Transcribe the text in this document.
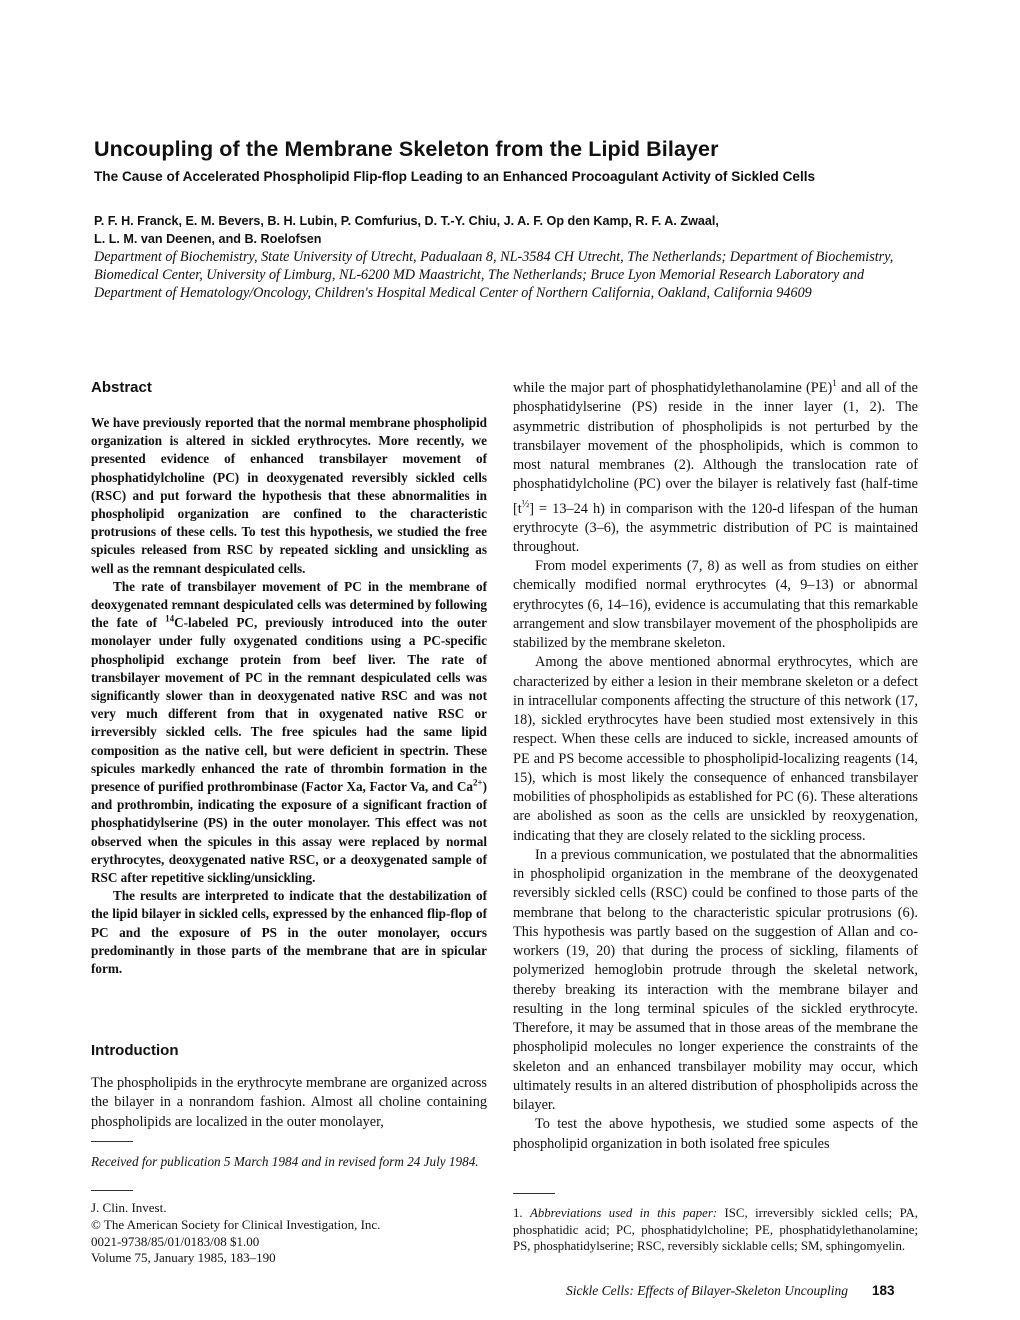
Uncoupling of the Membrane Skeleton from the Lipid Bilayer
The Cause of Accelerated Phospholipid Flip-flop Leading to an Enhanced Procoagulant Activity of Sickled Cells
P. F. H. Franck, E. M. Bevers, B. H. Lubin, P. Comfurius, D. T.-Y. Chiu, J. A. F. Op den Kamp, R. F. A. Zwaal,
L. L. M. van Deenen, and B. Roelofsen
Department of Biochemistry, State University of Utrecht, Padualaan 8, NL-3584 CH Utrecht, The Netherlands; Department of Biochemistry, Biomedical Center, University of Limburg, NL-6200 MD Maastricht, The Netherlands; Bruce Lyon Memorial Research Laboratory and Department of Hematology/Oncology, Children's Hospital Medical Center of Northern California, Oakland, California 94609
Abstract

We have previously reported that the normal membrane phospholipid organization is altered in sickled erythrocytes. More recently, we presented evidence of enhanced transbilayer movement of phosphatidylcholine (PC) in deoxygenated reversibly sickled cells (RSC) and put forward the hypothesis that these abnormalities in phospholipid organization are confined to the characteristic protrusions of these cells. To test this hypothesis, we studied the free spicules released from RSC by repeated sickling and unsickling as well as the remnant despiculated cells.

The rate of transbilayer movement of PC in the membrane of deoxygenated remnant despiculated cells was determined by following the fate of $^{14}$C-labeled PC, previously introduced into the outer monolayer under fully oxygenated conditions using a PC-specific phospholipid exchange protein from beef liver. The rate of transbilayer movement of PC in the remnant despiculated cells was significantly slower than in deoxygenated native RSC and was not very much different from that in oxygenated native RSC or irreversibly sickled cells. The free spicules had the same lipid composition as the native cell, but were deficient in spectrin. These spicules markedly enhanced the rate of thrombin formation in the presence of purified prothrombinase (Factor Xa, Factor Va, and $Ca^{2+}$) and prothrombin, indicating the exposure of a significant fraction of phosphatidylserine (PS) in the outer monolayer. This effect was not observed when the spicules in this assay were replaced by normal erythrocytes, deoxygenated native RSC, or a deoxygenated sample of RSC after repetitive sickling/unsickling.

The results are interpreted to indicate that the destabilization of the lipid bilayer in sickled cells, expressed by the enhanced flip-flop of PC and the exposure of PS in the outer monolayer, occurs predominantly in those parts of the membrane that are in spicular form.

Introduction

The phospholipids in the erythrocyte membrane are organized across the bilayer in a nonrandom fashion. Almost all choline containing phospholipids are localized in the outer monolayer,

Received for publication 5 March 1984 and in revised form 24 July 1984.
J. Clin. Invest.
© The American Society for Clinical Investigation, Inc.
0021-9738/85/01/0183/08 $1.00
Volume 75, January 1985, 183–190

while the major part of phosphatidylethanolamine (PE)$^1$ and all of the phosphatidylserine (PS) reside in the inner layer (1, 2). The asymmetric distribution of phospholipids is not perturbed by the transbilayer movement of the phospholipids, which is common to most natural membranes (2). Although the translocation rate of phosphatidylcholine (PC) over the bilayer is relatively fast (half-time $[t_{\frac{1}{2}}] = 13-24$ h) in comparison with the 120-d lifespan of the human erythrocyte (3–6), the asymmetric distribution of PC is maintained throughout.

From model experiments (7, 8) as well as from studies on either chemically modified normal erythrocytes (4, 9–13) or abnormal erythrocytes (6, 14–16), evidence is accumulating that this remarkable arrangement and slow transbilayer movement of the phospholipids are stabilized by the membrane skeleton.

Among the above mentioned abnormal erythrocytes, which are characterized by either a lesion in their membrane skeleton or a defect in intracellular components affecting the structure of this network (17, 18), sickled erythrocytes have been studied most extensively in this respect. When these cells are induced to sickle, increased amounts of PE and PS become accessible to phospholipid-localizing reagents (14, 15), which is most likely the consequence of enhanced transbilayer mobilities of phospholipids as established for PC (6). These alterations are abolished as soon as the cells are unsickled by reoxygenation, indicating that they are closely related to the sickling process.

In a previous communication, we postulated that the abnormalities in phospholipid organization in the membrane of the deoxygenated reversibly sickled cells (RSC) could be confined to those parts of the membrane that belong to the characteristic spicular protrusions (6). This hypothesis was partly based on the suggestion of Allan and co-workers (19, 20) that during the process of sickling, filaments of polymerized hemoglobin protrude through the skeletal network, thereby breaking its interaction with the membrane bilayer and resulting in the long terminal spicules of the sickled erythrocyte. Therefore, it may be assumed that in those areas of the membrane the phospholipid molecules no longer experience the constraints of the skeleton and an enhanced transbilayer mobility may occur, which ultimately results in an altered distribution of phospholipids across the bilayer.

To test the above hypothesis, we studied some aspects of the phospholipid organization in both isolated free spicules

1. Abbreviations used in this paper: ISC, irreversibly sickled cells; PA, phosphatidic acid; PC, phosphatidylcholine; PE, phosphatidylethanolamine; PS, phosphatidylserine; RSC, reversibly sicklable cells; SM, sphingomyelin.
Sickle Cells: Effects of Bilayer-Skeleton Uncoupling 183
